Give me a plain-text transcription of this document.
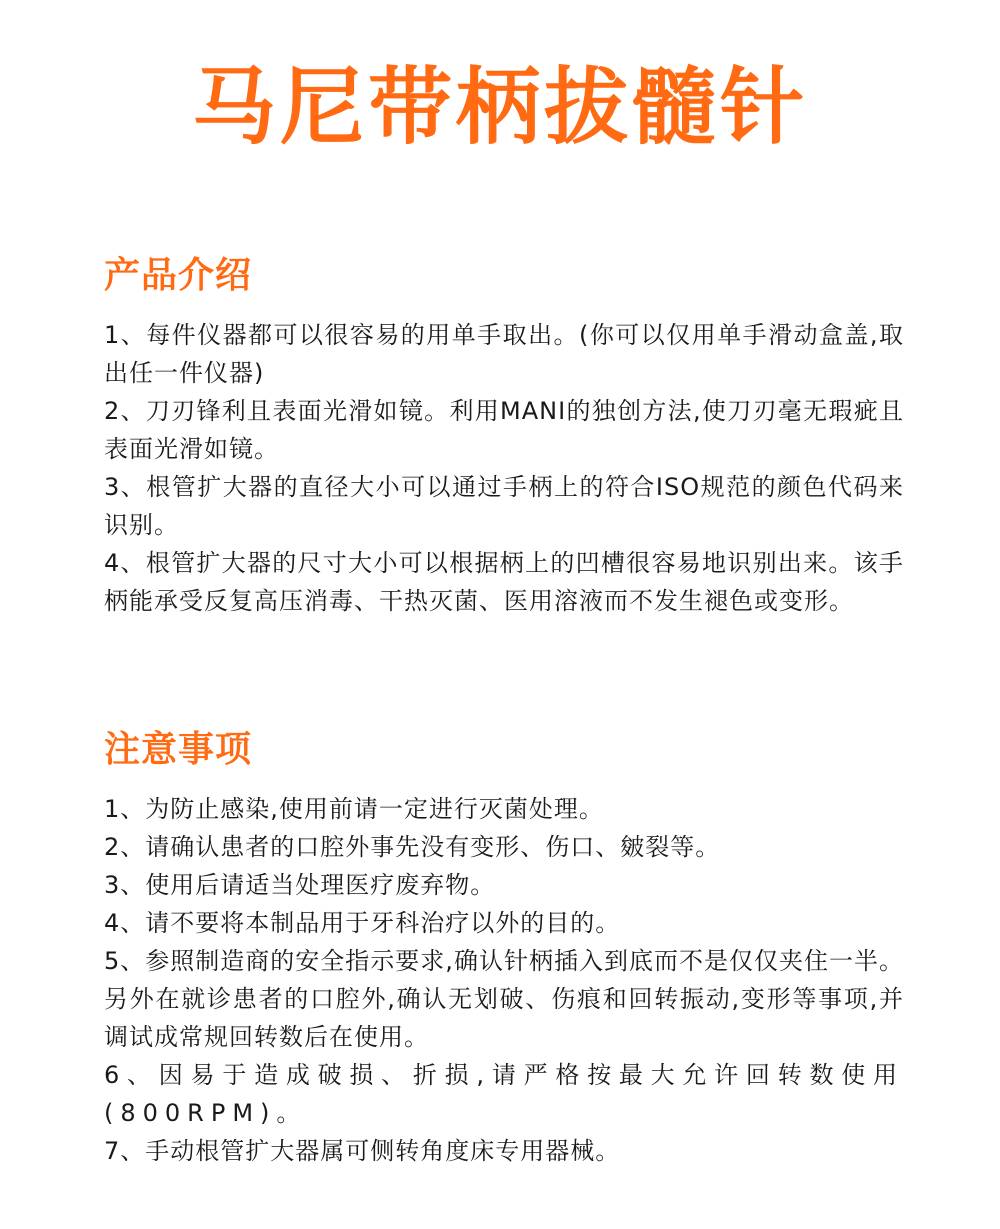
马尼带柄拔髓针
产品介绍

1、每件仪器都可以很容易的用单手取出。(你可以仅用单手滑动盒盖,取出任一件仪器)

2、刀刃锋利且表面光滑如镜。利用MANI的独创方法,使刀刃毫无瑕疵且表面光滑如镜。

3、根管扩大器的直径大小可以通过手柄上的符合ISO规范的颜色代码来识别。

4、根管扩大器的尺寸大小可以根据柄上的凹槽很容易地识别出来。该手柄能承受反复高压消毒、干热灭菌、医用溶液而不发生褪色或变形。

注意事项

1、为防止感染,使用前请一定进行灭菌处理。

2、请确认患者的口腔外事先没有变形、伤口、皴裂等。

3、使用后请适当处理医疗废弃物。

4、请不要将本制品用于牙科治疗以外的目的。

5、参照制造商的安全指示要求,确认针柄插入到底而不是仅仅夹住一半。另外在就诊患者的口腔外,确认无划破、伤痕和回转振动,变形等事项,并调试成常规回转数后在使用。

6、因易于造成破损、折损,请严格按最大允许回转数使用(800RPM)。

7、手动根管扩大器属可侧转角度床专用器械。
